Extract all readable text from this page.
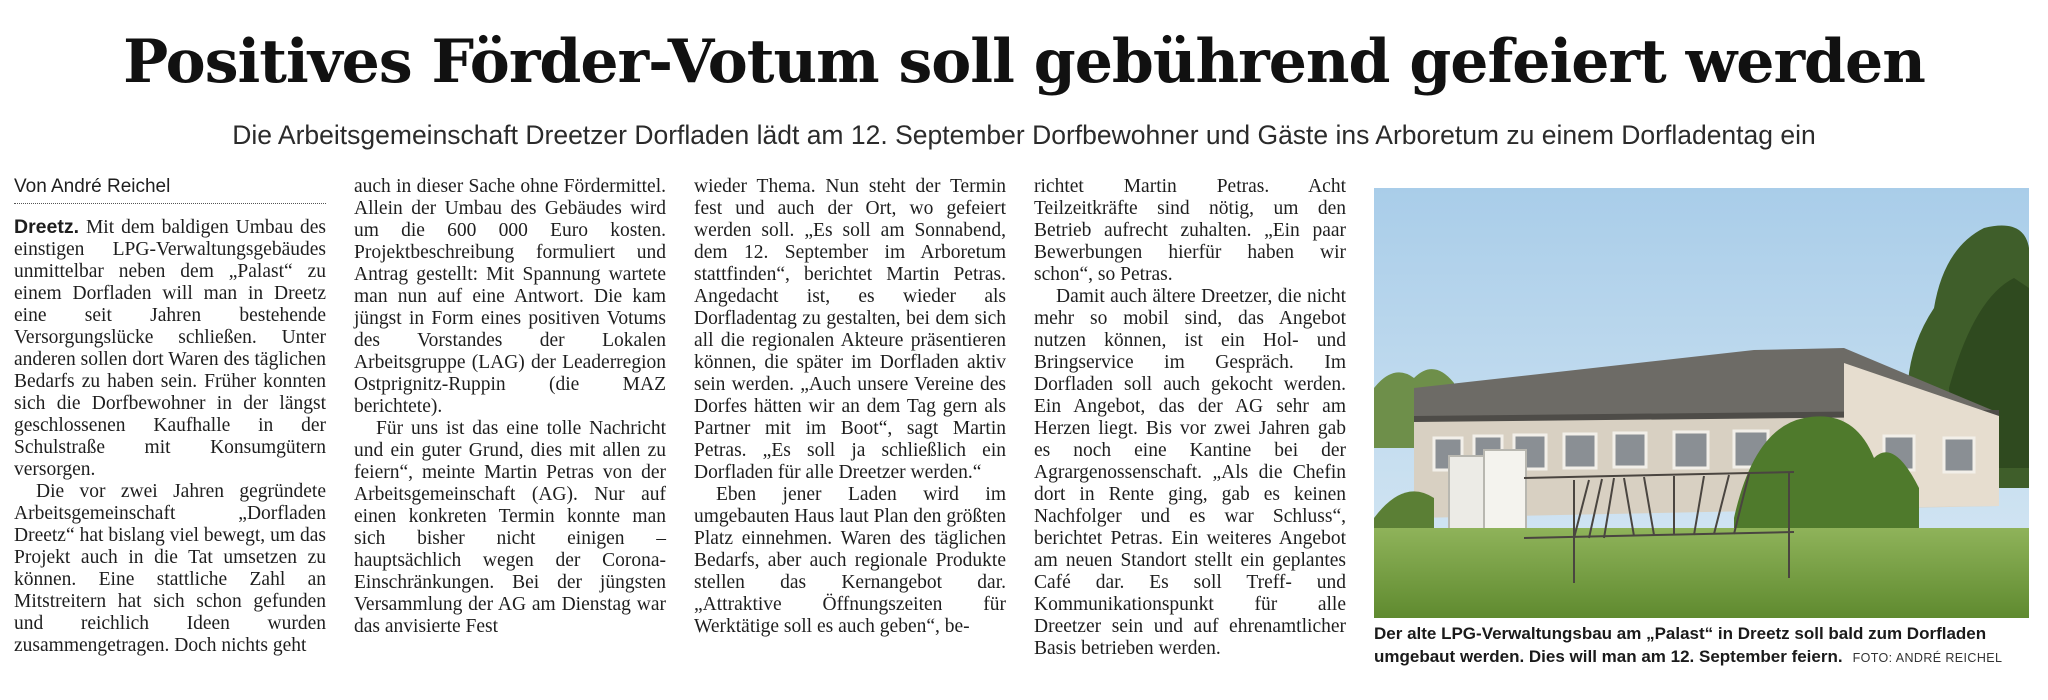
Positives Förder-Votum soll gebührend gefeiert werden

Die Arbeitsgemeinschaft Dreetzer Dorfladen lädt am 12. September Dorfbewohner und Gäste ins Arboretum zu einem Dorfladentag ein

Von André Reichel

Dreetz. Mit dem baldigen Umbau des einstigen LPG-Verwaltungsgebäudes unmittelbar neben dem „Palast“ zu einem Dorfladen will man in Dreetz eine seit Jahren bestehende Versorgungslücke schließen. Unter anderen sollen dort Waren des täglichen Bedarfs zu haben sein. Früher konnten sich die Dorfbewohner in der längst geschlossenen Kaufhalle in der Schulstraße mit Konsumgütern versorgen.

Die vor zwei Jahren gegründete Arbeitsgemeinschaft „Dorfladen Dreetz“ hat bislang viel bewegt, um das Projekt auch in die Tat umsetzen zu können. Eine stattliche Zahl an Mitstreitern hat sich schon gefunden und reichlich Ideen wurden zusammengetragen. Doch nichts geht

auch in dieser Sache ohne Fördermittel. Allein der Umbau des Gebäudes wird um die 600 000 Euro kosten. Projektbeschreibung formuliert und Antrag gestellt: Mit Spannung wartete man nun auf eine Antwort. Die kam jüngst in Form eines positiven Votums des Vorstandes der Lokalen Arbeitsgruppe (LAG) der Leaderregion Ostprignitz-Ruppin (die MAZ berichtete).

Für uns ist das eine tolle Nachricht und ein guter Grund, dies mit allen zu feiern“, meinte Martin Petras von der Arbeitsgemeinschaft (AG). Nur auf einen konkreten Termin konnte man sich bisher nicht einigen – hauptsächlich wegen der Corona-Einschränkungen. Bei der jüngsten Versammlung der AG am Dienstag war das anvisierte Fest

wieder Thema. Nun steht der Termin fest und auch der Ort, wo gefeiert werden soll. „Es soll am Sonnabend, dem 12. September im Arboretum stattfinden“, berichtet Martin Petras. Angedacht ist, es wieder als Dorfladentag zu gestalten, bei dem sich all die regionalen Akteure präsentieren können, die später im Dorfladen aktiv sein werden. „Auch unsere Vereine des Dorfes hätten wir an dem Tag gern als Partner mit im Boot“, sagt Martin Petras. „Es soll ja schließlich ein Dorfladen für alle Dreetzer werden.“

Eben jener Laden wird im umgebauten Haus laut Plan den größten Platz einnehmen. Waren des täglichen Bedarfs, aber auch regionale Produkte stellen das Kernangebot dar. „Attraktive Öffnungszeiten für Werktätige soll es auch geben“, be-

richtet Martin Petras. Acht Teilzeitkräfte sind nötig, um den Betrieb aufrecht zuhalten. „Ein paar Bewerbungen hierfür haben wir schon“, so Petras.

Damit auch ältere Dreetzer, die nicht mehr so mobil sind, das Angebot nutzen können, ist ein Hol- und Bringservice im Gespräch. Im Dorfladen soll auch gekocht werden. Ein Angebot, das der AG sehr am Herzen liegt. Bis vor zwei Jahren gab es noch eine Kantine bei der Agrargenossenschaft. „Als die Chefin dort in Rente ging, gab es keinen Nachfolger und es war Schluss“, berichtet Petras. Ein weiteres Angebot am neuen Standort stellt ein geplantes Café dar. Es soll Treff- und Kommunikationspunkt für alle Dreetzer sein und auf ehrenamtlicher Basis betrieben werden.

Der alte LPG-Verwaltungsbau am „Palast“ in Dreetz soll bald zum Dorfladen umgebaut werden. Dies will man am 12. September feiern. FOTO: ANDRÉ REICHEL
